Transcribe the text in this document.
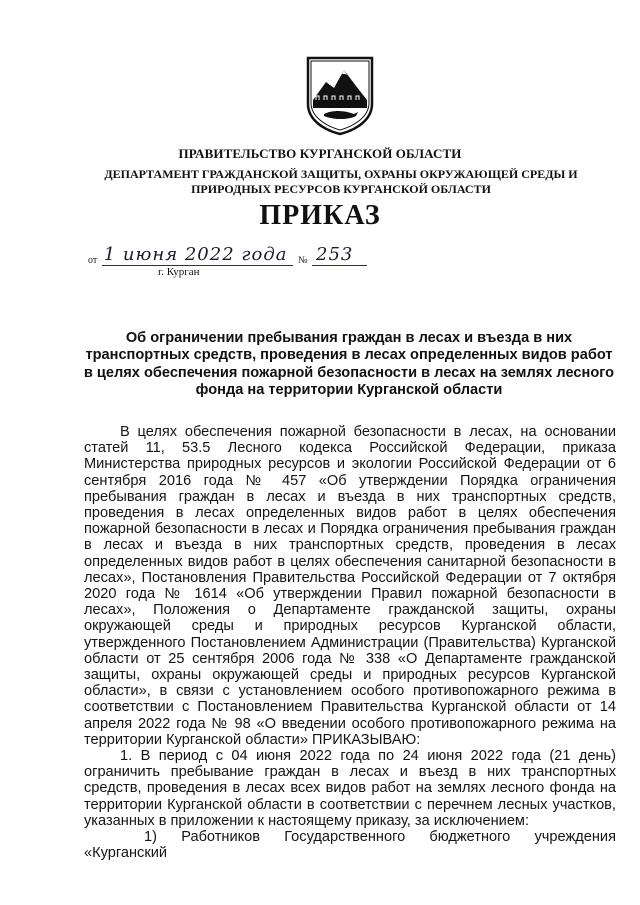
ПРАВИТЕЛЬСТВО КУРГАНСКОЙ ОБЛАСТИ
ДЕПАРТАМЕНТ ГРАЖДАНСКОЙ ЗАЩИТЫ, ОХРАНЫ ОКРУЖАЮЩЕЙ СРЕДЫ И ПРИРОДНЫХ РЕСУРСОВ КУРГАНСКОЙ ОБЛАСТИ
ПРИКАЗ
от 1 июня 2022 года № 253
г. Курган
Об ограничении пребывания граждан в лесах и въезда в них транспортных средств, проведения в лесах определенных видов работ в целях обеспечения пожарной безопасности в лесах на землях лесного фонда на территории Курганской области

В целях обеспечения пожарной безопасности в лесах, на основании статей 11, 53.5 Лесного кодекса Российской Федерации, приказа Министерства природных ресурсов и экологии Российской Федерации от 6 сентября 2016 года № 457 «Об утверждении Порядка ограничения пребывания граждан в лесах и въезда в них транспортных средств, проведения в лесах определенных видов работ в целях обеспечения пожарной безопасности в лесах и Порядка ограничения пребывания граждан в лесах и въезда в них транспортных средств, проведения в лесах определенных видов работ в целях обеспечения санитарной безопасности в лесах», Постановления Правительства Российской Федерации от 7 октября 2020 года № 1614 «Об утверждении Правил пожарной безопасности в лесах», Положения о Департаменте гражданской защиты, охраны окружающей среды и природных ресурсов Курганской области, утвержденного Постановлением Администрации (Правительства) Курганской области от 25 сентября 2006 года № 338 «О Департаменте гражданской защиты, охраны окружающей среды и природных ресурсов Курганской области», в связи с установлением особого противопожарного режима в соответствии с Постановлением Правительства Курганской области от 14 апреля 2022 года № 98 «О введении особого противопожарного режима на территории Курганской области» ПРИКАЗЫВАЮ:

1. В период с 04 июня 2022 года по 24 июня 2022 года (21 день) ограничить пребывание граждан в лесах и въезд в них транспортных средств, проведения в лесах всех видов работ на землях лесного фонда на территории Курганской области в соответствии с перечнем лесных участков, указанных в приложении к настоящему приказу, за исключением:

1) Работников Государственного бюджетного учреждения «Курганский
